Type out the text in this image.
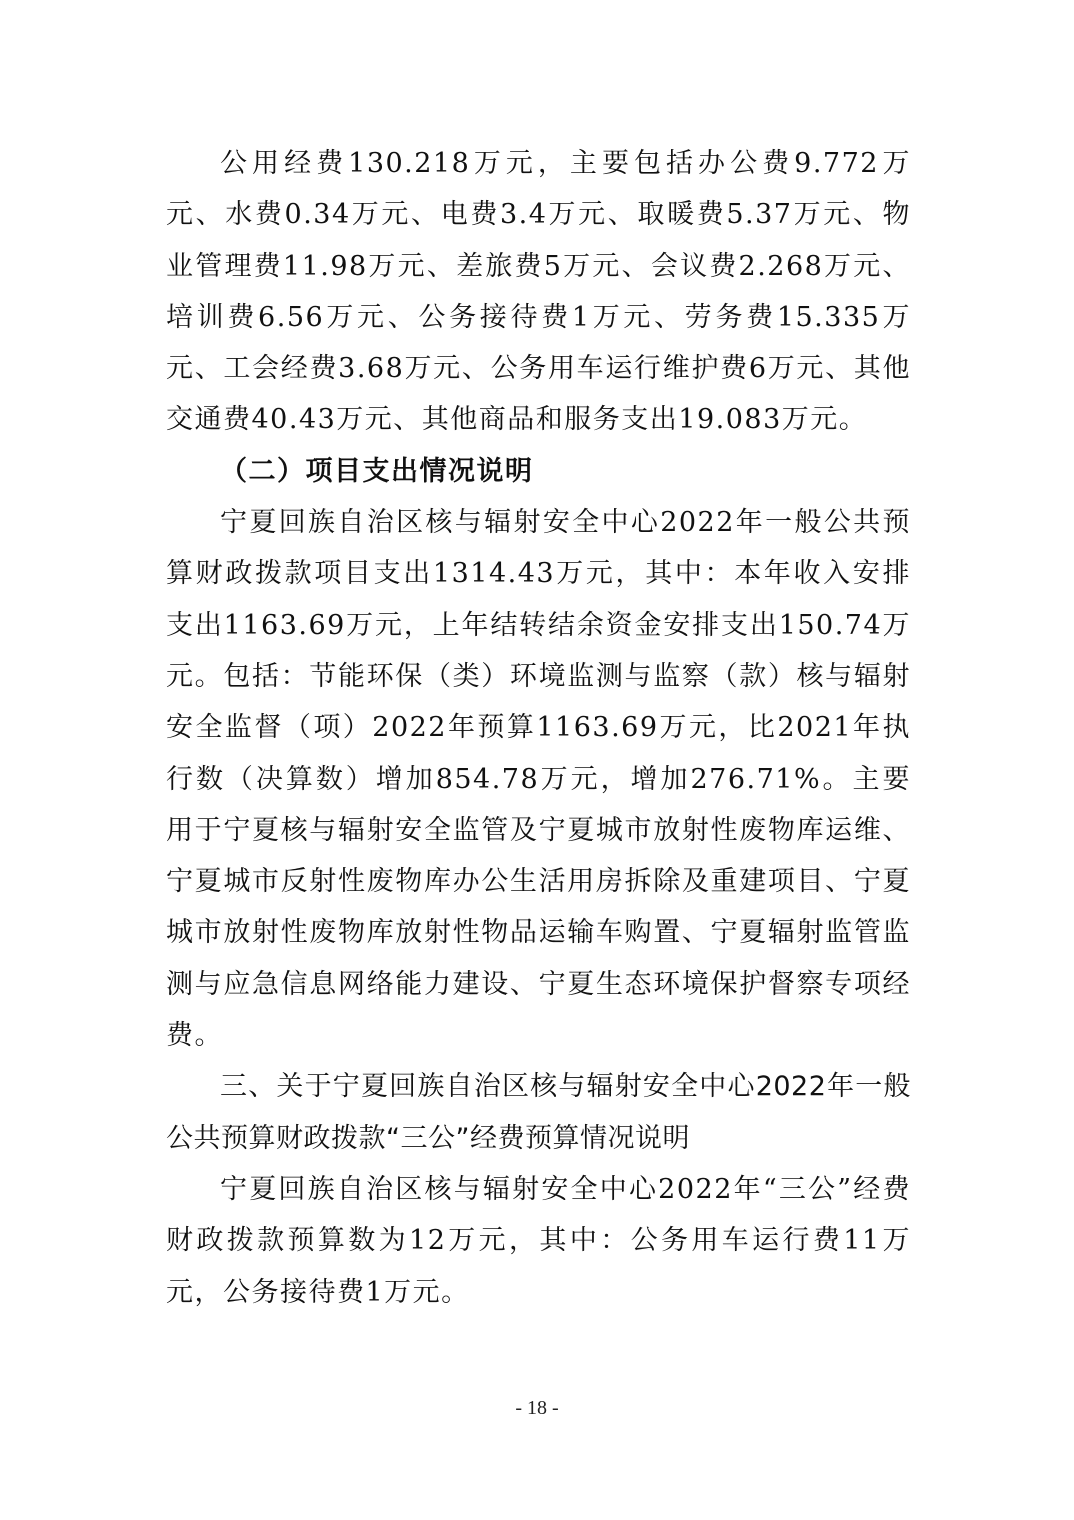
公用经费130.218万元，主要包括办公费9.772万元、水费0.34万元、电费3.4万元、取暖费5.37万元、物业管理费11.98万元、差旅费5万元、会议费2.268万元、培训费6.56万元、公务接待费1万元、劳务费15.335万元、工会经费3.68万元、公务用车运行维护费6万元、其他交通费40.43万元、其他商品和服务支出19.083万元。

（二）项目支出情况说明

宁夏回族自治区核与辐射安全中心2022年一般公共预算财政拨款项目支出1314.43万元，其中：本年收入安排支出1163.69万元，上年结转结余资金安排支出150.74万元。包括：节能环保（类）环境监测与监察（款）核与辐射安全监督（项）2022年预算1163.69万元，比2021年执行数（决算数）增加854.78万元，增加276.71%。主要用于宁夏核与辐射安全监管及宁夏城市放射性废物库运维、宁夏城市反射性废物库办公生活用房拆除及重建项目、宁夏城市放射性废物库放射性物品运输车购置、宁夏辐射监管监测与应急信息网络能力建设、宁夏生态环境保护督察专项经费。

三、关于宁夏回族自治区核与辐射安全中心2022年一般公共预算财政拨款“三公”经费预算情况说明

宁夏回族自治区核与辐射安全中心2022年“三公”经费财政拨款预算数为12万元，其中：公务用车运行费11万元，公务接待费1万元。

- 18 -
